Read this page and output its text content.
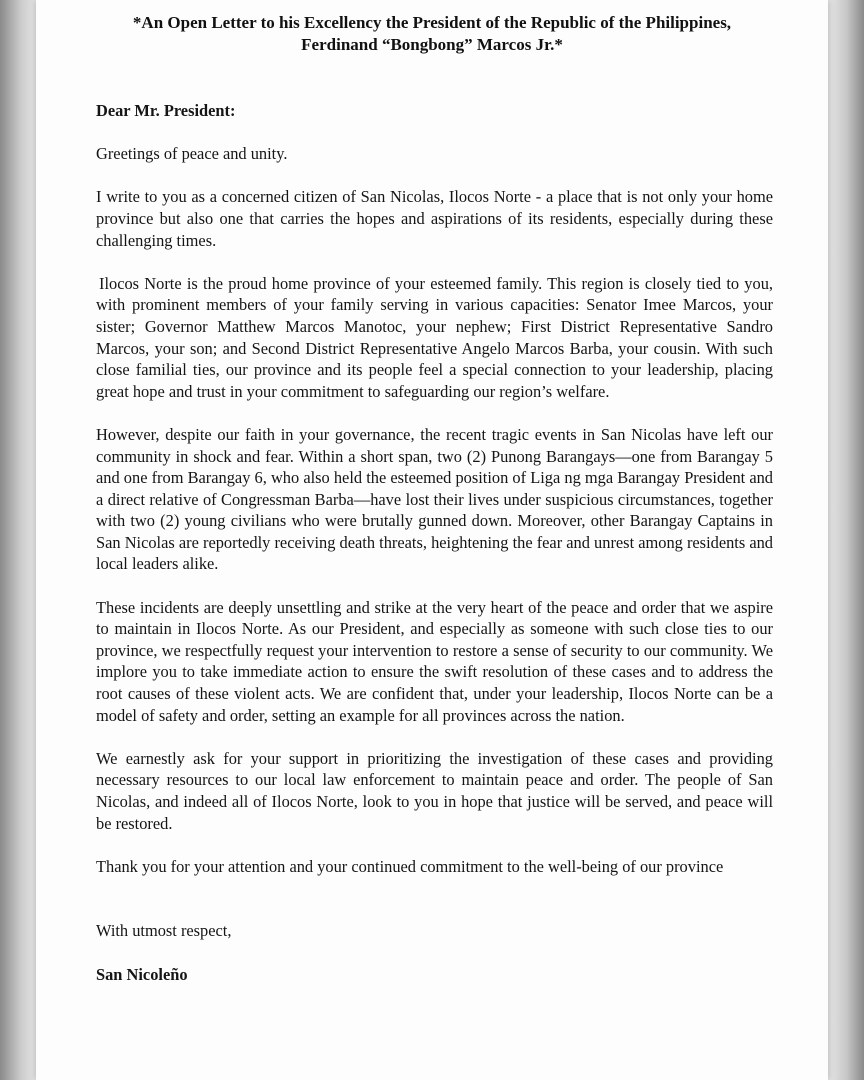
*An Open Letter to his Excellency the President of the Republic of the Philippines,
Ferdinand “Bongbong” Marcos Jr.*

Dear Mr. President:

Greetings of peace and unity.

I write to you as a concerned citizen of San Nicolas, Ilocos Norte - a place that is not only your home province but also one that carries the hopes and aspirations of its residents, especially during these challenging times.

Ilocos Norte is the proud home province of your esteemed family. This region is closely tied to you, with prominent members of your family serving in various capacities: Senator Imee Marcos, your sister; Governor Matthew Marcos Manotoc, your nephew; First District Representative Sandro Marcos, your son; and Second District Representative Angelo Marcos Barba, your cousin. With such close familial ties, our province and its people feel a special connection to your leadership, placing great hope and trust in your commitment to safeguarding our region’s welfare.

However, despite our faith in your governance, the recent tragic events in San Nicolas have left our community in shock and fear. Within a short span, two (2) Punong Barangays—one from Barangay 5 and one from Barangay 6, who also held the esteemed position of Liga ng mga Barangay President and a direct relative of Congressman Barba—have lost their lives under suspicious circumstances, together with two (2) young civilians who were brutally gunned down. Moreover, other Barangay Captains in San Nicolas are reportedly receiving death threats, heightening the fear and unrest among residents and local leaders alike.

These incidents are deeply unsettling and strike at the very heart of the peace and order that we aspire to maintain in Ilocos Norte. As our President, and especially as someone with such close ties to our province, we respectfully request your intervention to restore a sense of security to our community. We implore you to take immediate action to ensure the swift resolution of these cases and to address the root causes of these violent acts. We are confident that, under your leadership, Ilocos Norte can be a model of safety and order, setting an example for all provinces across the nation.

We earnestly ask for your support in prioritizing the investigation of these cases and providing necessary resources to our local law enforcement to maintain peace and order. The people of San Nicolas, and indeed all of Ilocos Norte, look to you in hope that justice will be served, and peace will be restored.

Thank you for your attention and your continued commitment to the well-being of our province

With utmost respect,

San Nicoleño
